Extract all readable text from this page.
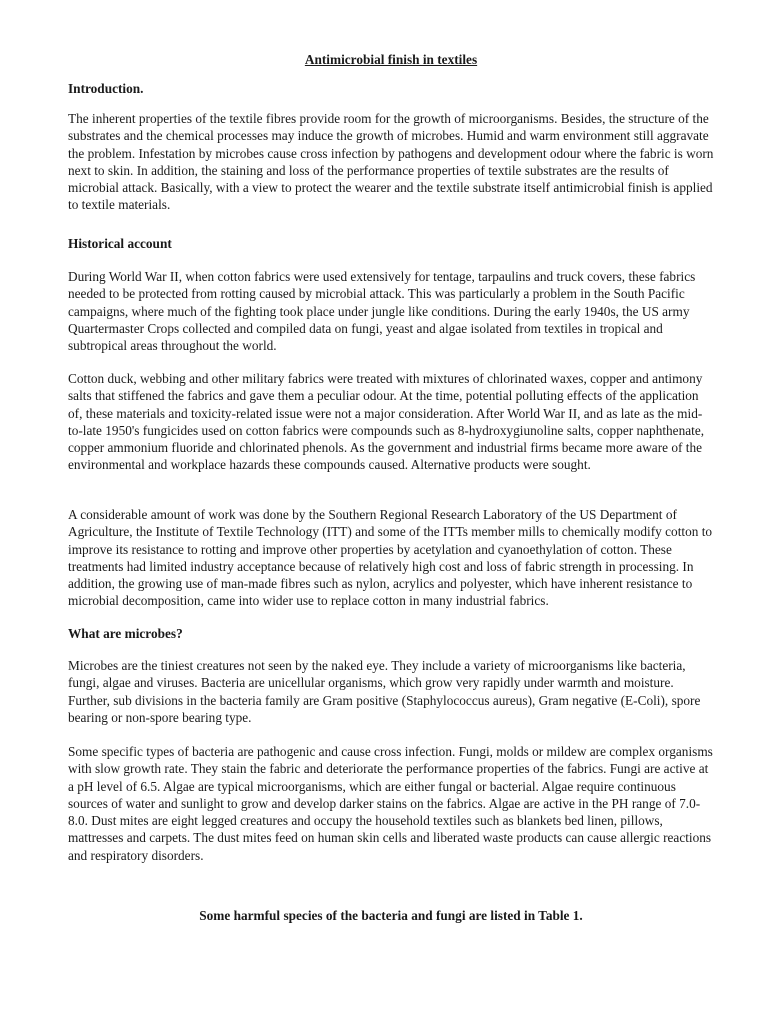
Antimicrobial finish in textiles
Introduction.

The inherent properties of the textile fibres provide room for the growth of microorganisms. Besides, the structure of the substrates and the chemical processes may induce the growth of microbes. Humid and warm environment still aggravate the problem. Infestation by microbes cause cross infection by pathogens and development odour where the fabric is worn next to skin. In addition, the staining and loss of the performance properties of textile substrates are the results of microbial attack. Basically, with a view to protect the wearer and the textile substrate itself antimicrobial finish is applied to textile materials.

Historical account

During World War II, when cotton fabrics were used extensively for tentage, tarpaulins and truck covers, these fabrics needed to be protected from rotting caused by microbial attack. This was particularly a problem in the South Pacific campaigns, where much of the fighting took place under jungle like conditions. During the early 1940s, the US army Quartermaster Crops collected and compiled data on fungi, yeast and algae isolated from textiles in tropical and subtropical areas throughout the world.

Cotton duck, webbing and other military fabrics were treated with mixtures of chlorinated waxes, copper and antimony salts that stiffened the fabrics and gave them a peculiar odour. At the time, potential polluting effects of the application of, these materials and toxicity-related issue were not a major consideration. After World War II, and as late as the mid-to-late 1950's fungicides used on cotton fabrics were compounds such as 8-hydroxygiunoline salts, copper naphthenate, copper ammonium fluoride and chlorinated phenols. As the government and industrial firms became more aware of the environmental and workplace hazards these compounds caused. Alternative products were sought.

A considerable amount of work was done by the Southern Regional Research Laboratory of the US Department of Agriculture, the Institute of Textile Technology (ITT) and some of the ITTs member mills to chemically modify cotton to improve its resistance to rotting and improve other properties by acetylation and cyanoethylation of cotton. These treatments had limited industry acceptance because of relatively high cost and loss of fabric strength in processing. In addition, the growing use of man-made fibres such as nylon, acrylics and polyester, which have inherent resistance to microbial decomposition, came into wider use to replace cotton in many industrial fabrics.

What are microbes?

Microbes are the tiniest creatures not seen by the naked eye. They include a variety of microorganisms like bacteria, fungi, algae and viruses. Bacteria are unicellular organisms, which grow very rapidly under warmth and moisture. Further, sub divisions in the bacteria family are Gram positive (Staphylococcus aureus), Gram negative (E-Coli), spore bearing or non-spore bearing type.

Some specific types of bacteria are pathogenic and cause cross infection. Fungi, molds or mildew are complex organisms with slow growth rate. They stain the fabric and deteriorate the performance properties of the fabrics. Fungi are active at a pH level of 6.5. Algae are typical microorganisms, which are either fungal or bacterial. Algae require continuous sources of water and sunlight to grow and develop darker stains on the fabrics. Algae are active in the PH range of 7.0-8.0. Dust mites are eight legged creatures and occupy the household textiles such as blankets bed linen, pillows, mattresses and carpets. The dust mites feed on human skin cells and liberated waste products can cause allergic reactions and respiratory disorders.

Some harmful species of the bacteria and fungi are listed in Table 1.
